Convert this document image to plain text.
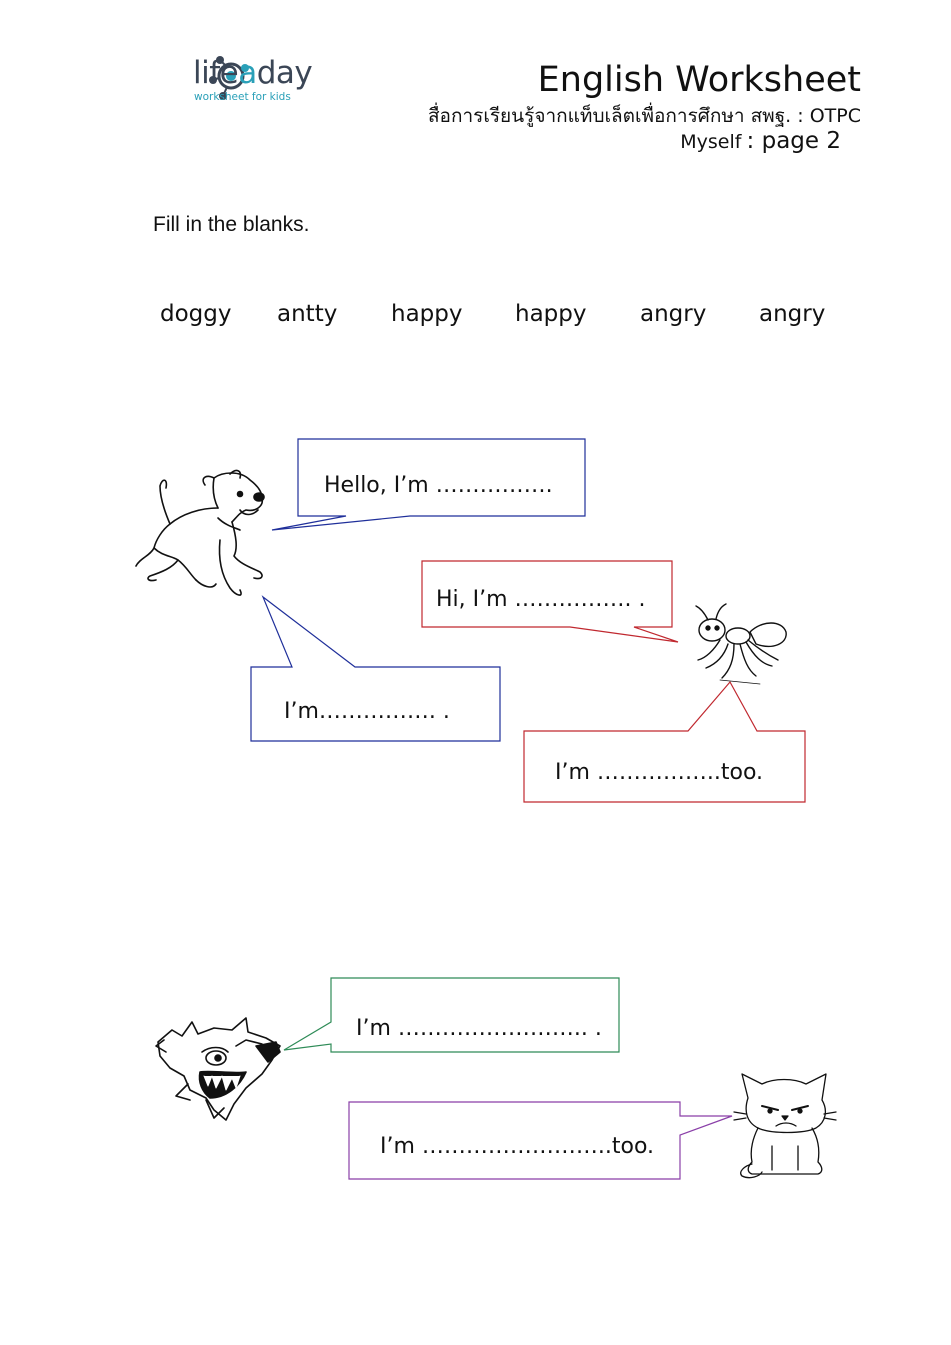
lifeaday
worksheet for kids	English Worksheet
สื่อการเรียนรู้จากแท็บเล็ตเพื่อการศึกษา สพฐ. : OTPC
Myself : page 2
Fill in the blanks.
doggy antty happy happy angry angry
Hello, I’m …………….
Hi, I’m ……………. .
I’m……………. .
I’m ……………..too.
I’m …………………….. .
I’m ……………………..too.
